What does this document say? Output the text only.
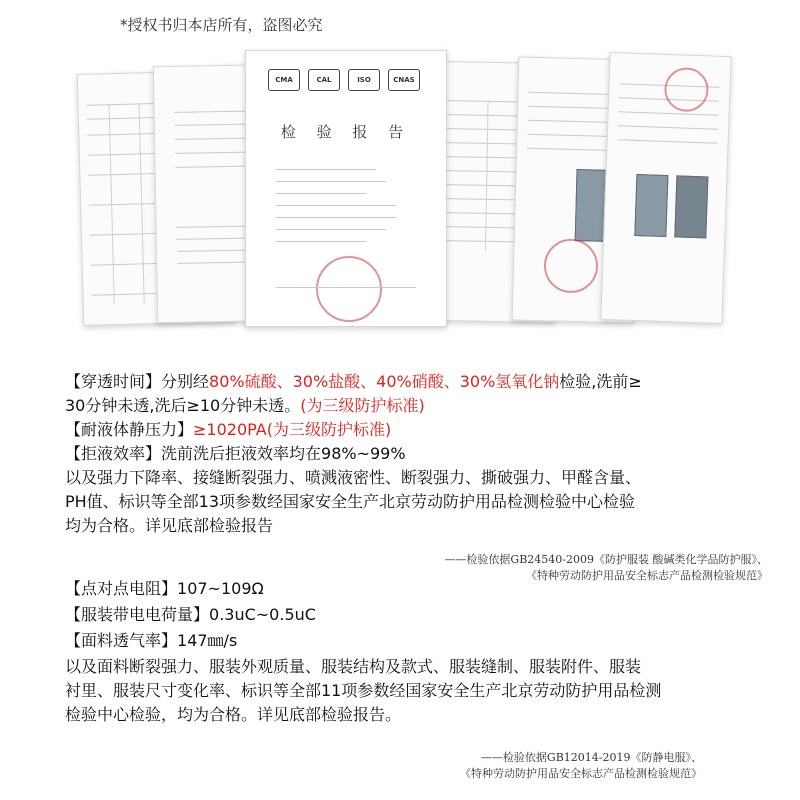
*授权书归本店所有，盗图必究
CMA	CAL	ISO	CNAS
检 验 报 告
【穿透时间】分别经80%硫酸、30%盐酸、40%硝酸、30%氢氧化钠检验,洗前≥
30分钟未透,洗后≥10分钟未透。(为三级防护标准)
【耐液体静压力】≥1020PA(为三级防护标准)
【拒液效率】洗前洗后拒液效率均在98%~99%
以及强力下降率、接缝断裂强力、喷溅液密性、断裂强力、撕破强力、甲醛含量、
PH值、标识等全部13项参数经国家安全生产北京劳动防护用品检测检验中心检验
均为合格。详见底部检验报告
——检验依据GB24540-2009《防护服装 酸碱类化学品防护服》、
《特种劳动防护用品安全标志产品检测检验规范》
【点对点电阻】107~109Ω
【服装带电电荷量】0.3uC~0.5uC
【面料透气率】147㎜/s
以及面料断裂强力、服装外观质量、服装结构及款式、服装缝制、服装附件、服装
衬里、服装尺寸变化率、标识等全部11项参数经国家安全生产北京劳动防护用品检测
检验中心检验，均为合格。详见底部检验报告。
——检验依据GB12014-2019《防静电服》、
《特种劳动防护用品安全标志产品检测检验规范》
